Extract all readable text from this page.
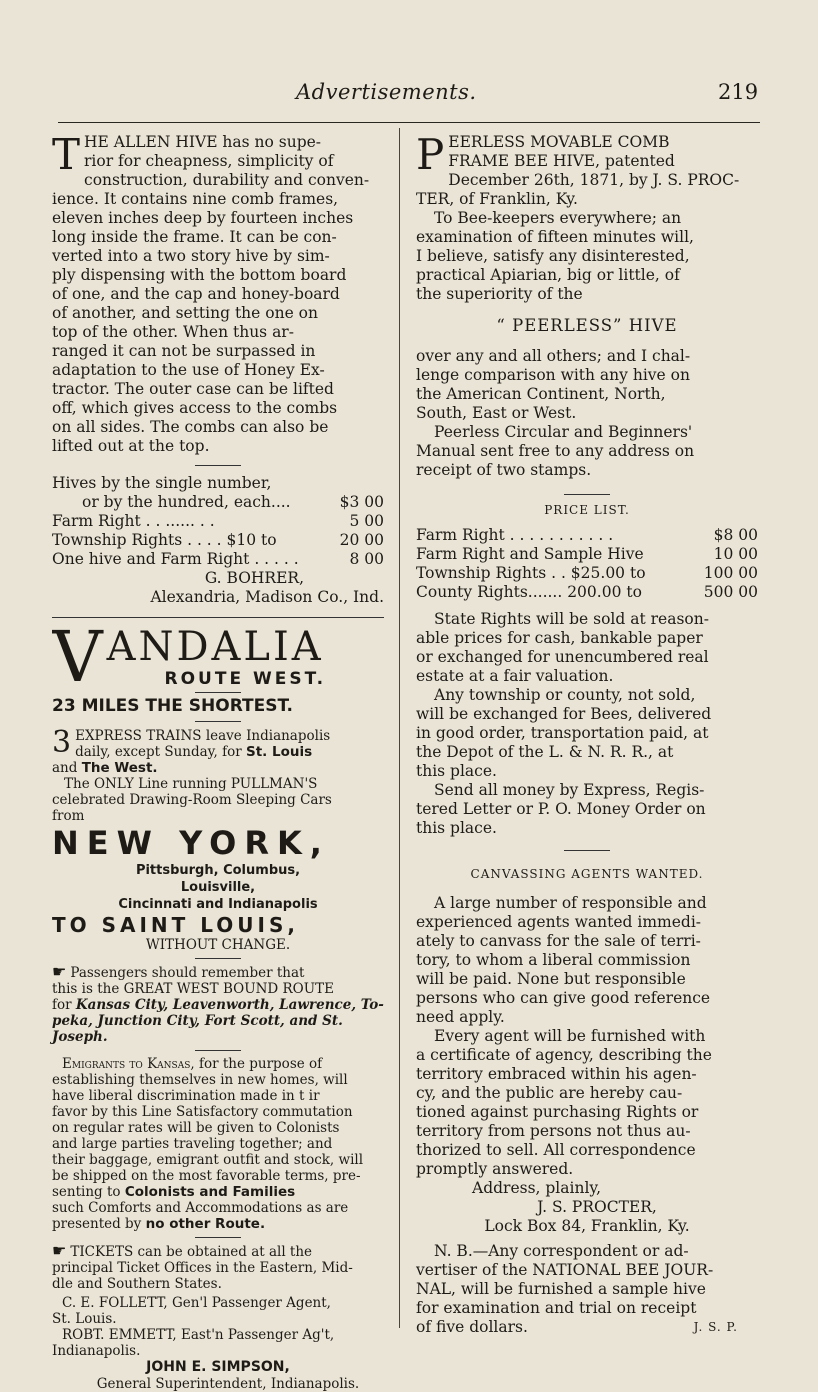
Advertisements.	219
T HE ALLEN HIVE has no supe-
rior for cheapness, simplicity of
construction, durability and conven-
ience. It contains nine comb frames,
eleven inches deep by fourteen inches
long inside the frame. It can be con-
verted into a two story hive by sim-
ply dispensing with the bottom board
of one, and the cap and honey-board
of another, and setting the one on
top of the other. When thus ar-
ranged it can not be surpassed in
adaptation to the use of Honey Ex-
tractor. The outer case can be lifted
off, which gives access to the combs
on all sides. The combs can also be
lifted out at the top.
Hives by the single number,
or by the hundred, each....	$3 00
Farm Right . . ...... . .	5 00
Township Rights . . . . $10 to	20 00
One hive and Farm Right . . . . .	8 00

G. BOHRER,

Alexandria, Madison Co., Ind.

V ANDALIA
ROUTE WEST.
23 MILES THE SHORTEST.
3 EXPRESS TRAINS leave Indianapolis
daily, except Sunday, for St. Louis
and The West.
The ONLY Line running PULLMAN'S
celebrated Drawing-Room Sleeping Cars
from
NEW YORK,
Pittsburgh, Columbus,
Louisville,
Cincinnati and Indianapolis
TO SAINT LOUIS,
WITHOUT CHANGE.
☛ Passengers should remember that
this is the GREAT WEST BOUND ROUTE
for Kansas City, Leavenworth, Lawrence, To-
peka, Junction City, Fort Scott, and St. Joseph.
Emigrants to Kansas, for the purpose of
establishing themselves in new homes, will
have liberal discrimination made in t ir
favor by this Line Satisfactory commutation
on regular rates will be given to Colonists
and large parties traveling together; and
their baggage, emigrant outfit and stock, will
be shipped on the most favorable terms, pre-
senting to Colonists and Families
such Comforts and Accommodations as are
presented by no other Route.
☛ TICKETS can be obtained at all the
principal Ticket Offices in the Eastern, Mid-
dle and Southern States.
C. E. FOLLETT, Gen'l Passenger Agent,
St. Louis.
ROBT. EMMETT, East'n Passenger Ag't,
Indianapolis.
JOHN E. SIMPSON,
General Superintendent, Indianapolis.
P EERLESS MOVABLE COMB
FRAME BEE HIVE, patented
December 26th, 1871, by J. S. PROC-
TER, of Franklin, Ky.
To Bee-keepers everywhere; an
examination of fifteen minutes will,
I believe, satisfy any disinterested,
practical Apiarian, big or little, of
the superiority of the

“ PEERLESS” HIVE

over any and all others; and I chal-
lenge comparison with any hive on
the American Continent, North,
South, East or West.
Peerless Circular and Beginners'
Manual sent free to any address on
receipt of two stamps.

PRICE LIST.

Farm Right . . . . . . . . . . .	$8 00
Farm Right and Sample Hive	10 00
Township Rights . . $25.00 to	100 00
County Rights....... 200.00 to	500 00
State Rights will be sold at reason-
able prices for cash, bankable paper
or exchanged for unencumbered real
estate at a fair valuation.
Any township or county, not sold,
will be exchanged for Bees, delivered
in good order, transportation paid, at
the Depot of the L. & N. R. R., at
this place.
Send all money by Express, Regis-
tered Letter or P. O. Money Order on
this place.

CANVASSING AGENTS WANTED.

A large number of responsible and
experienced agents wanted immedi-
ately to canvass for the sale of terri-
tory, to whom a liberal commission
will be paid. None but responsible
persons who can give good reference
need apply.
Every agent will be furnished with
a certificate of agency, describing the
territory embraced within his agen-
cy, and the public are hereby cau-
tioned against purchasing Rights or
territory from persons not thus au-
thorized to sell. All correspondence
promptly answered.

Address, plainly,

J. S. PROCTER,

Lock Box 84, Franklin, Ky.

N. B.—Any correspondent or ad-
vertiser of the NATIONAL BEE JOUR-
NAL, will be furnished a sample hive
for examination and trial on receipt
of five dollars.	J. S. P.
